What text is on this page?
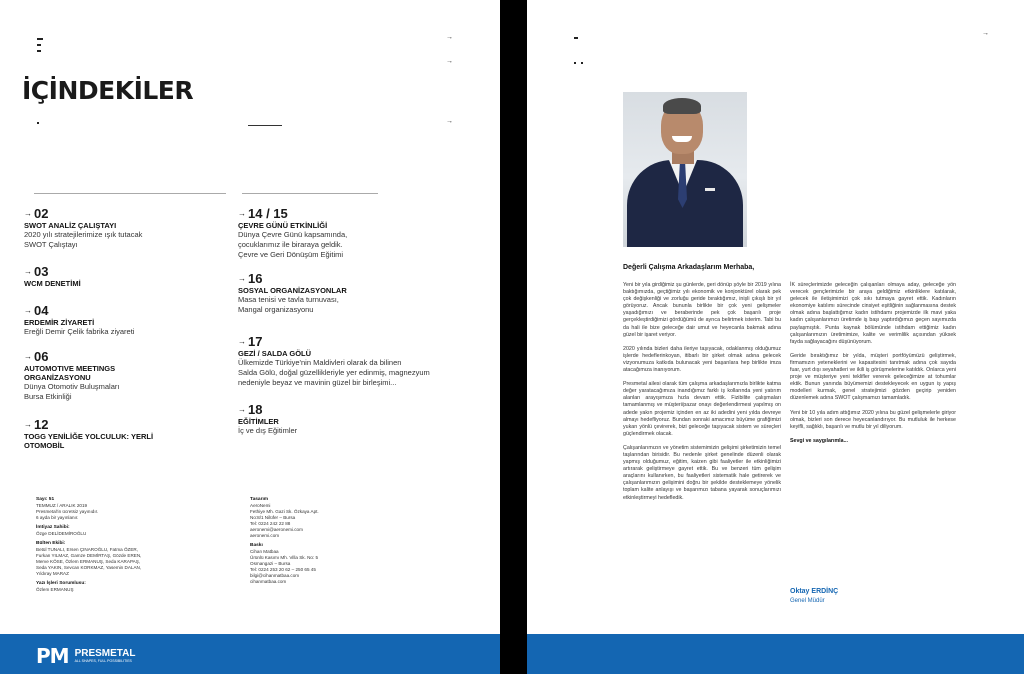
→
→
→
İÇİNDEKİLER
→ 02
SWOT ANALİZ ÇALIŞTAYI
2020 yılı stratejilerimize ışık tutacak
SWOT Çalıştayı
→ 03
WCM DENETİMİ
→ 04
ERDEMİR ZİYARETİ
Ereğli Demir Çelik fabrika ziyareti
→ 06
AUTOMOTIVE MEETINGS ORGANİZASYONU
Dünya Otomotiv Buluşmaları
Bursa Etkinliği
→ 12
TOGG YENİLİĞE YOLCULUK: YERLİ OTOMOBİL
→ 14 / 15
ÇEVRE GÜNÜ ETKİNLİĞİ
Dünya Çevre Günü kapsamında,
çocuklarımız ile biraraya geldik.
Çevre ve Geri Dönüşüm Eğitimi
→ 16
SOSYAL ORGANİZASYONLAR
Masa tenisi ve tavla turnuvası,
Mangal organizasyonu
→ 17
GEZİ / SALDA GÖLÜ
Ülkemizde Türkiye'nin Maldivleri olarak da bilinen
Salda Gölü, doğal güzellikleriyle yer edinmiş, magnezyum
nedeniyle beyaz ve mavinin güzel bir birleşimi...
→ 18
EĞİTİMLER
İç ve dış Eğitimler
Sayı: 51
TEMMUZ / ARALIK 2019
Presmetal'in ücretsiz yayınıdır.
6 ayda bir yayınlanır.
İmtiyaz Sahibi:
Özge DELİDEMİROĞLU
Bülten Ekibi:
Betül TUNALI, Ersen ÇINAROĞLU, Fatma ÖZER,
Furkan YILMAZ, Gamze DEMİRTAŞ, Gözde EREN,
Merve KÖSE, Özlem ERMANUŞ, Seda KARAPAŞ,
Seda YAKIN, Sevcan KORKMAZ, Yasemin DALAN,
Yıldıray MARAZ
Yazı İşleri Sorumlusu:
Özlem ERMANUŞ
Tasarım
AeroNemi
Fethiye Mh. Gazi Sk. Özkaya Apt.
No:8/1 Nilüfer – Bursa
Tel: 0224 242 22 88
aeronemi@aeronemi.com
aeronemi.com
Baskı
Cihan Matbaa
Ürünlü Kasımı Mh. Villa Sk. No: 5
Osmangazi – Bursa
Tel: 0224 253 20 62 – 250 65 45
bilgi@cihanmatbaa.com
cihanmatbaa.com
PM PRESMETAL
ALL SHAPES, FULL POSSIBILITIES
→
Değerli Çalışma Arkadaşlarım Merhaba,

Yeni bir yıla girdiğimiz şu günlerde, geri dönüp şöyle bir 2019 yılına baktığımızda, geçtiğimiz yılı ekonomik ve konjonktürel olarak pek çok değişkenliği ve zorluğu geride bıraktığımız, inişli çıkışlı bir yıl görüyoruz. Ancak bununla birlikte bir çok yeni gelişmeler yaşadığımızı ve beraberinde pek çok başarılı proje gerçekleştirdiğimizi gördüğümü de ayrıca belirtmek isterim. Tabi bu da hali ile bize geleceğe dair umut ve heyecanla bakmak adına güzel bir işaret veriyor.

2020 yılında bizleri daha ileriye taşıyacak, odaklanmış olduğumuz işlerde hedeflerinkoyan, itibarlı bir şirket olmak adına gelecek vizyonumuza katkıda bulunacak yeni başarılara hep birlikte imza atacağımıza inanıyorum.

Presmetal ailesi olarak tüm çalışma arkadaşlarımızla birlikte katma değer yaratacağımıza inandığımız farklı iş kollarında yeni yatırım alanları arayışımıza hızla devam ettik. Fizibilite çalışmaları tamamlanmış ve müşteri/pazar onayı değerlendirmesi yapılmış on adede yakın projemiz içinden en az iki adedini yeni yılda devreye almayı hedefliyoruz. Bundan sonraki amacımız büyüme grafiğimizi yukarı yönlü çevirerek, bizi geleceğe taşıyacak sistem ve süreçleri güçlendirmek olacak.

Çalışanlarımızın ve yönetim sistemimizin gelişimi şirketimizin temel taşlarından birisidir. Bu nedenle şirket genelinde düzenli olarak yapmış olduğumuz, eğitim, kaizen gibi faaliyetler ile etkinliğimizi artırarak geliştirmeye gayret ettik. Bu ve benzeri tüm gelişim araçlarını kullanırken, bu faaliyetleri sistematik hale getirerek ve çalışanlarımızın gelişimini doğru bir şekilde desteklemeye yönelik toplam kalite anlayışı ve başarımızı tabana yayarak sonuçlarımızı etkinleştirmeyi hedefledik.

İK süreçlerimizde geleceğin çalışanları olmaya aday, geleceğe yön verecek gençlerimizle bir araya geldiğimiz etkinliklere katılarak, gelecek ile iletişimimizi çok sıkı tutmaya gayret ettik. Kadınların ekonomiye katılımı sürecinde cinsiyet eşitliğinin sağlanmasına destek olmak adına başlattığımız kadın istihdamı projemizde ilk mavi yaka kadın çalışanlarımızı üretimde iş başı yaptırdığımızı geçen sayımızda paylaşmıştık. Punta kaynak bölümünde istihdam ettiğimiz kadın çalışanlarımızın üretimimize, kalite ve verimlilik açısından yüksek fayda sağlayacağını düşünüyorum.

Geride bıraktığımız bir yılda, müşteri portföyümüzü geliştirmek, firmamızın yeteneklerini ve kapasitesini tanıtmak adına çok sayıda fuar, yurt dışı seyahatleri ve ikili iş görüşmelerine katıldık. Onlarca yeni proje ve müşteriye yeni teklifler vererek geleceğimize at tohumlar ektik. Bunun yanında büyümemizi destekleyecek en uygun iş yapış modelleri kurmak, genel stratejimizi gözden geçirip yeniden düzenlemek adına SWOT çalışmamızı tamamladık.

Yeni bir 10 yıla adım attığımız 2020 yılına bu güzel gelişmelerle giriyor olmak, bizleri son derece heyecanlandırıyor. Bu mutluluk ile herkese keyifli, sağlıklı, başarılı ve mutlu bir yıl diliyorum.

Sevgi ve saygılarımla...

Oktay ERDİNÇ
Genel Müdür
